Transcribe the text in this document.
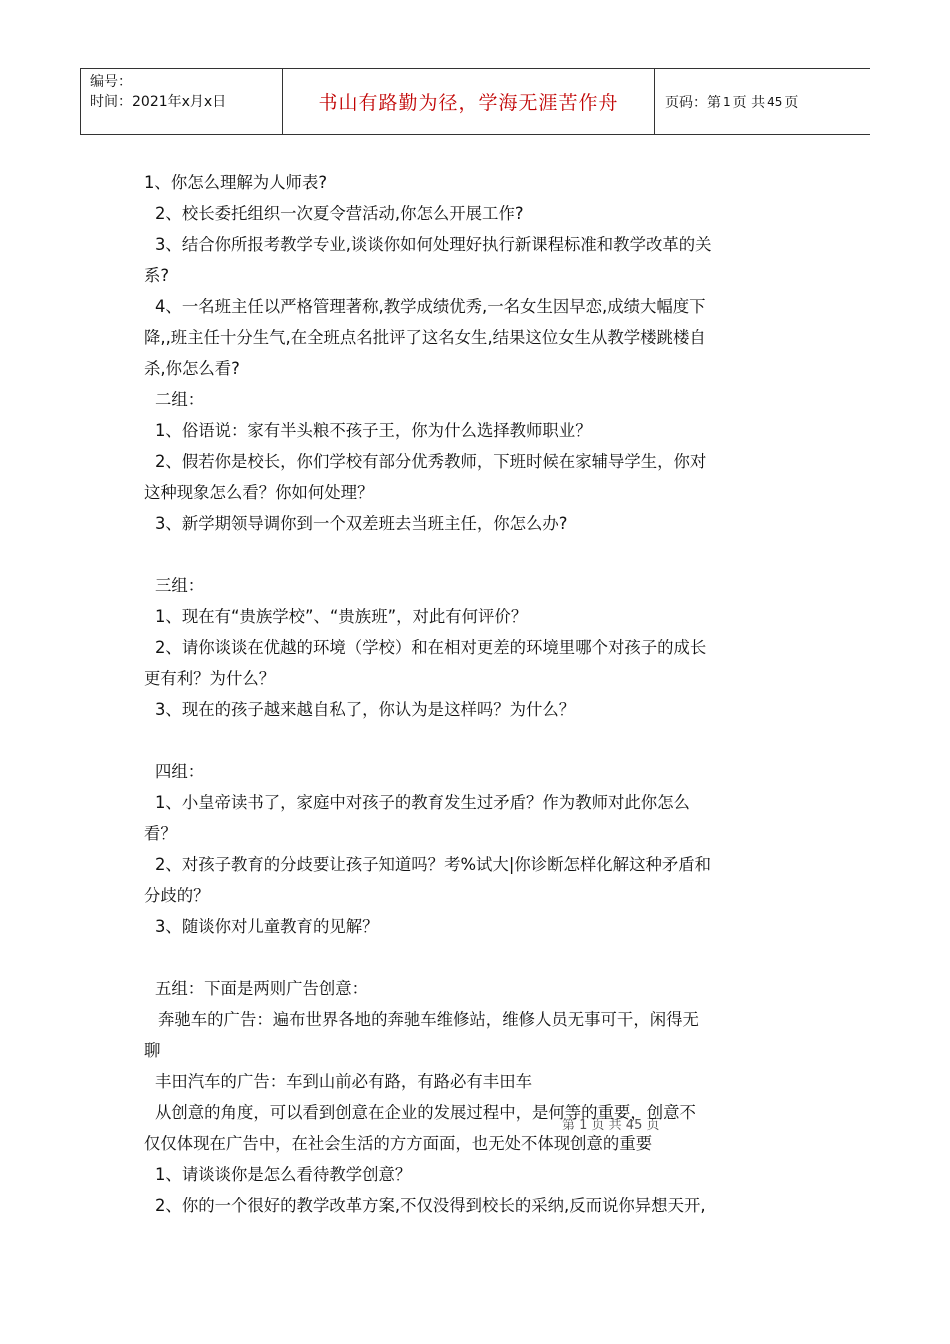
编号：
时间：2021年x月x日	书山有路勤为径，学海无涯苦作舟	页码：第 1 页 共 45 页
1、你怎么理解为人师表?
2、校长委托组织一次夏令营活动,你怎么开展工作?
3、结合你所报考教学专业,谈谈你如何处理好执行新课程标准和教学改革的关
系?
4、一名班主任以严格管理著称,教学成绩优秀,一名女生因早恋,成绩大幅度下
降,,班主任十分生气,在全班点名批评了这名女生,结果这位女生从教学楼跳楼自
杀,你怎么看?
二组：
1、俗语说：家有半头粮不孩子王，你为什么选择教师职业？
2、假若你是校长，你们学校有部分优秀教师，下班时候在家辅导学生，你对
这种现象怎么看？你如何处理？
3、新学期领导调你到一个双差班去当班主任，你怎么办?
三组：
1、现在有“贵族学校”、“贵族班”，对此有何评价？
2、请你谈谈在优越的环境（学校）和在相对更差的环境里哪个对孩子的成长
更有利？为什么？
3、现在的孩子越来越自私了，你认为是这样吗？为什么？
四组：
1、小皇帝读书了，家庭中对孩子的教育发生过矛盾？作为教师对此你怎么
看？
2、对孩子教育的分歧要让孩子知道吗？考%试大|你诊断怎样化解这种矛盾和
分歧的？
3、随谈你对儿童教育的见解？
五组：下面是两则广告创意：
奔驰车的广告：遍布世界各地的奔驰车维修站，维修人员无事可干，闲得无
聊
丰田汽车的广告：车到山前必有路，有路必有丰田车
从创意的角度，可以看到创意在企业的发展过程中，是何等的重要，创意不
仅仅体现在广告中，在社会生活的方方面面，也无处不体现创意的重要
1、请谈谈你是怎么看待教学创意？
2、你的一个很好的教学改革方案,不仅没得到校长的采纳,反而说你异想天开,
第 1 页 共 45 页
